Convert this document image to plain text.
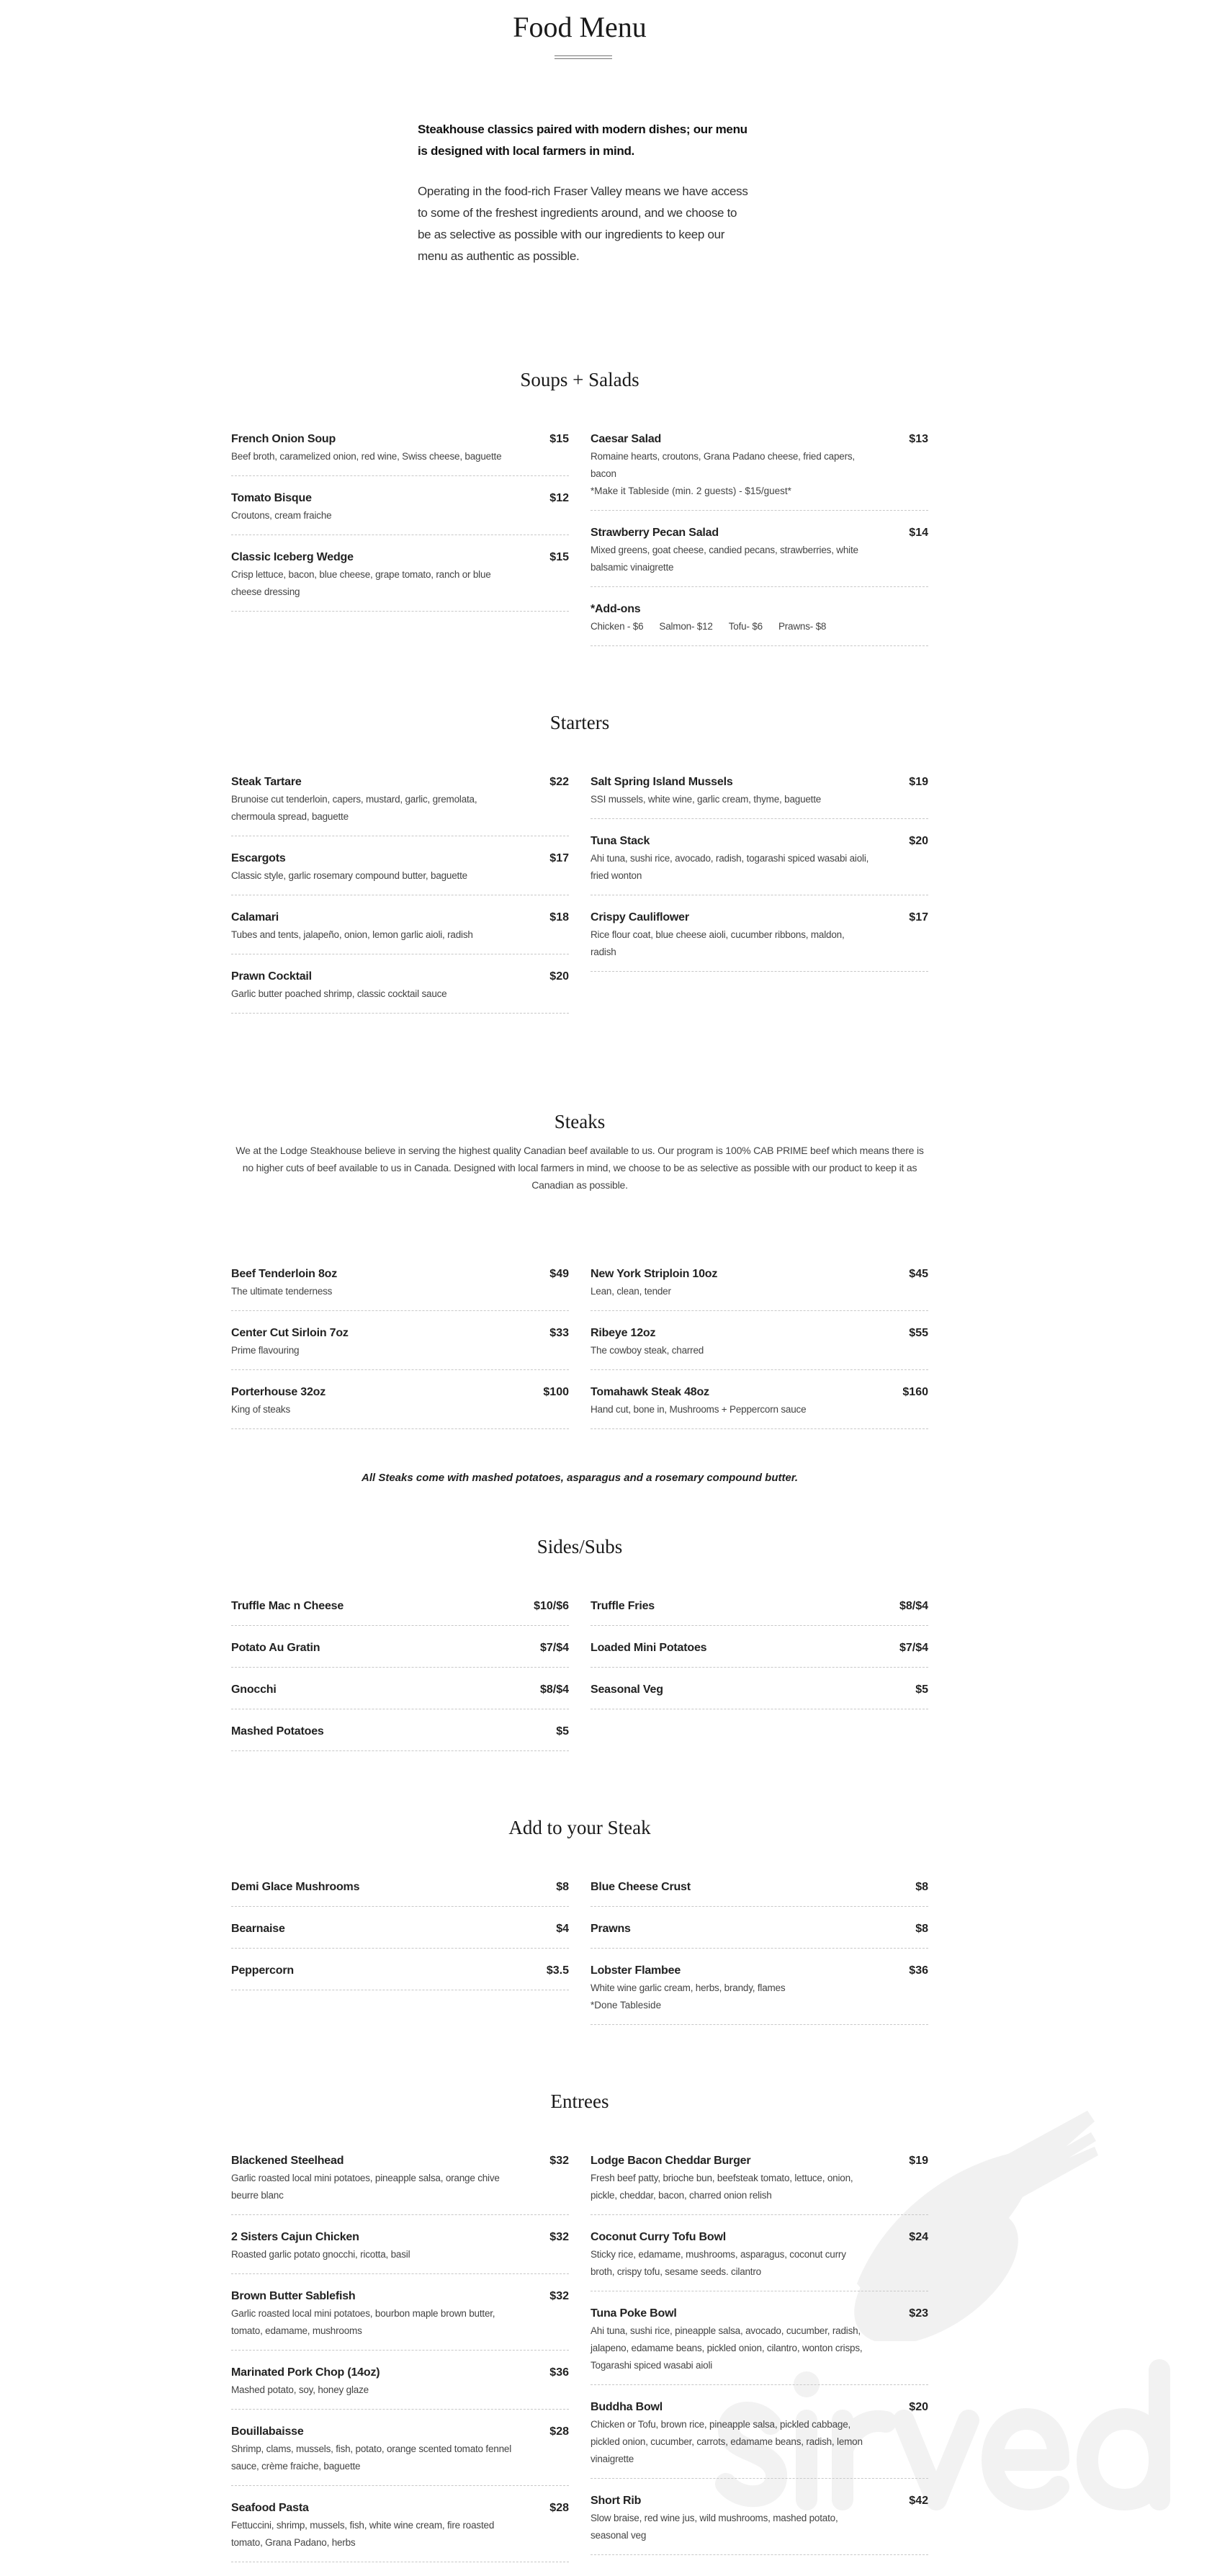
Food Menu

Steakhouse classics paired with modern dishes; our menu is designed with local farmers in mind.

Operating in the food-rich Fraser Valley means we have access to some of the freshest ingredients around, and we choose to be as selective as possible with our ingredients to keep our menu as authentic as possible.

Soups + Salads
French Onion Soup	$15
Beef broth, caramelized onion, red wine, Swiss cheese, baguette
Tomato Bisque	$12
Croutons, cream fraiche
Classic Iceberg Wedge	$15
Crisp lettuce, bacon, blue cheese, grape tomato, ranch or blue cheese dressing
Caesar Salad	$13
Romaine hearts, croutons, Grana Padano cheese, fried capers, bacon
*Make it Tableside (min. 2 guests) - $15/guest*
Strawberry Pecan Salad	$14
Mixed greens, goat cheese, candied pecans, strawberries, white balsamic vinaigrette
*Add-ons
Chicken - $6 Salmon- $12 Tofu- $6 Prawns- $8
Starters
Steak Tartare	$22
Brunoise cut tenderloin, capers, mustard, garlic, gremolata, chermoula spread, baguette
Escargots	$17
Classic style, garlic rosemary compound butter, baguette
Calamari	$18
Tubes and tents, jalapeño, onion, lemon garlic aioli, radish
Prawn Cocktail	$20
Garlic butter poached shrimp, classic cocktail sauce
Salt Spring Island Mussels	$19
SSI mussels, white wine, garlic cream, thyme, baguette
Tuna Stack	$20
Ahi tuna, sushi rice, avocado, radish, togarashi spiced wasabi aioli, fried wonton
Crispy Cauliflower	$17
Rice flour coat, blue cheese aioli, cucumber ribbons, maldon, radish
Steaks

We at the Lodge Steakhouse believe in serving the highest quality Canadian beef available to us. Our program is 100% CAB PRIME beef which means there is no higher cuts of beef available to us in Canada. Designed with local farmers in mind, we choose to be as selective as possible with our product to keep it as Canadian as possible.

Beef Tenderloin 8oz	$49
The ultimate tenderness
Center Cut Sirloin 7oz	$33
Prime flavouring
Porterhouse 32oz	$100
King of steaks
New York Striploin 10oz	$45
Lean, clean, tender
Ribeye 12oz	$55
The cowboy steak, charred
Tomahawk Steak 48oz	$160
Hand cut, bone in, Mushrooms + Peppercorn sauce

All Steaks come with mashed potatoes, asparagus and a rosemary compound butter.

Sides/Subs
Truffle Mac n Cheese	$10/$6
Potato Au Gratin	$7/$4
Gnocchi	$8/$4
Mashed Potatoes	$5
Truffle Fries	$8/$4
Loaded Mini Potatoes	$7/$4
Seasonal Veg	$5
Add to your Steak
Demi Glace Mushrooms	$8
Bearnaise	$4
Peppercorn	$3.5
Blue Cheese Crust	$8
Prawns	$8
Lobster Flambee	$36
White wine garlic cream, herbs, brandy, flames
*Done Tableside
Entrees
Blackened Steelhead	$32
Garlic roasted local mini potatoes, pineapple salsa, orange chive beurre blanc
2 Sisters Cajun Chicken	$32
Roasted garlic potato gnocchi, ricotta, basil
Brown Butter Sablefish	$32
Garlic roasted local mini potatoes, bourbon maple brown butter, tomato, edamame, mushrooms
Marinated Pork Chop (14oz)	$36
Mashed potato, soy, honey glaze
Bouillabaisse	$28
Shrimp, clams, mussels, fish, potato, orange scented tomato fennel sauce, crème fraiche, baguette
Seafood Pasta	$28
Fettuccini, shrimp, mussels, fish, white wine cream, fire roasted tomato, Grana Padano, herbs
Lodge Bacon Cheddar Burger	$19
Fresh beef patty, brioche bun, beefsteak tomato, lettuce, onion, pickle, cheddar, bacon, charred onion relish
Coconut Curry Tofu Bowl	$24
Sticky rice, edamame, mushrooms, asparagus, coconut curry broth, crispy tofu, sesame seeds. cilantro
Tuna Poke Bowl	$23
Ahi tuna, sushi rice, pineapple salsa, avocado, cucumber, radish, jalapeno, edamame beans, pickled onion, cilantro, wonton crisps, Togarashi spiced wasabi aioli
Buddha Bowl	$20
Chicken or Tofu, brown rice, pineapple salsa, pickled cabbage, pickled onion, cucumber, carrots, edamame beans, radish, lemon vinaigrette
Short Rib	$42
Slow braise, red wine jus, wild mushrooms, mashed potato, seasonal veg
